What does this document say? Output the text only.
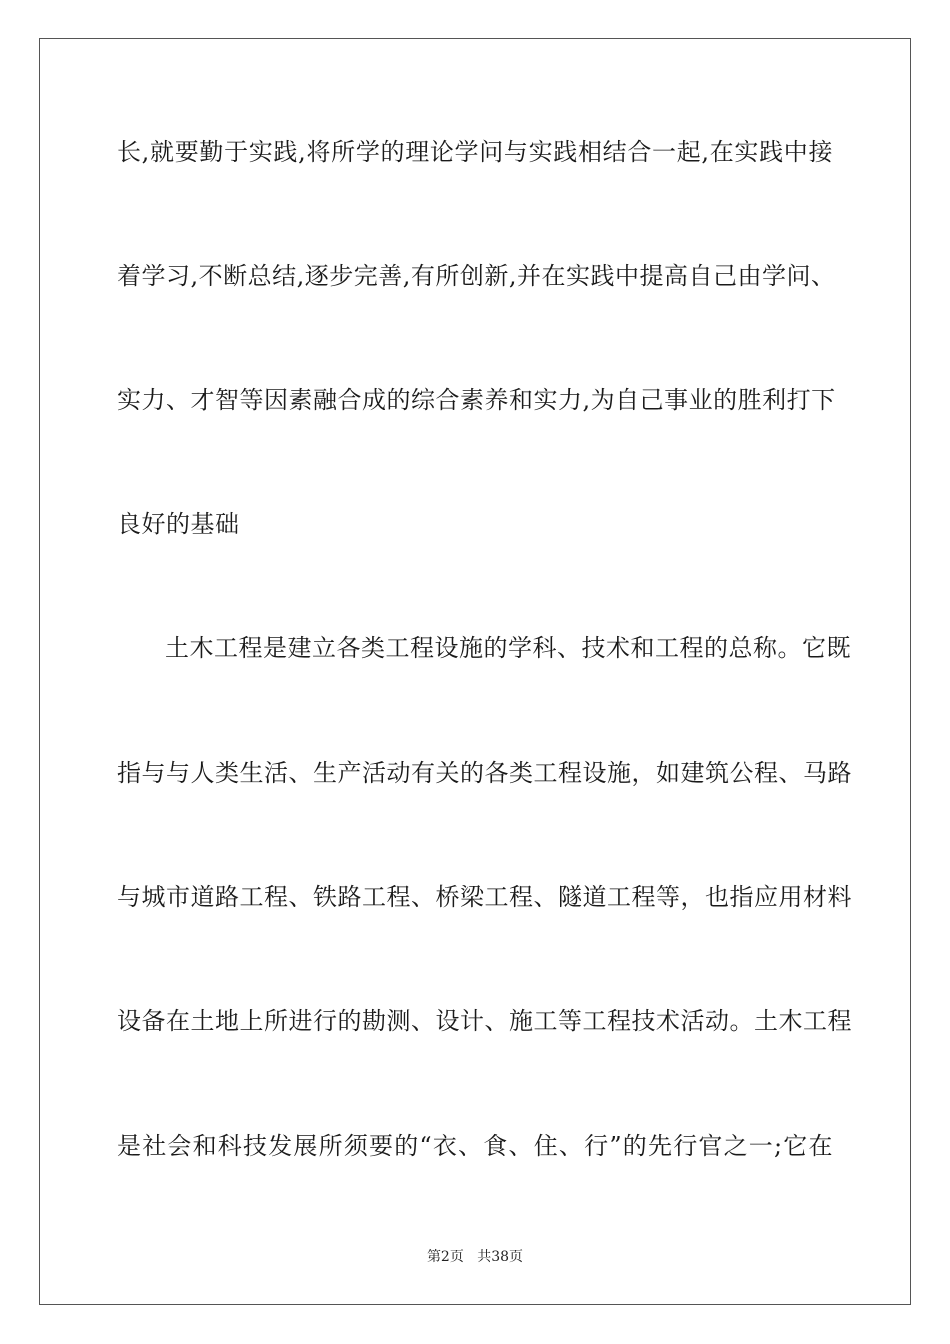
长,就要勤于实践,将所学的理论学问与实践相结合一起,在实践中接
着学习,不断总结,逐步完善,有所创新,并在实践中提高自己由学问、
实力、才智等因素融合成的综合素养和实力,为自己事业的胜利打下
良好的基础
土木工程是建立各类工程设施的学科、技术和工程的总称。它既
指与与人类生活、生产活动有关的各类工程设施，如建筑公程、马路
与城市道路工程、铁路工程、桥梁工程、隧道工程等，也指应用材料
设备在土地上所进行的勘测、设计、施工等工程技术活动。土木工程
是社会和科技发展所须要的“衣、食、住、行”的先行官之一;它在
第2页 共38页
